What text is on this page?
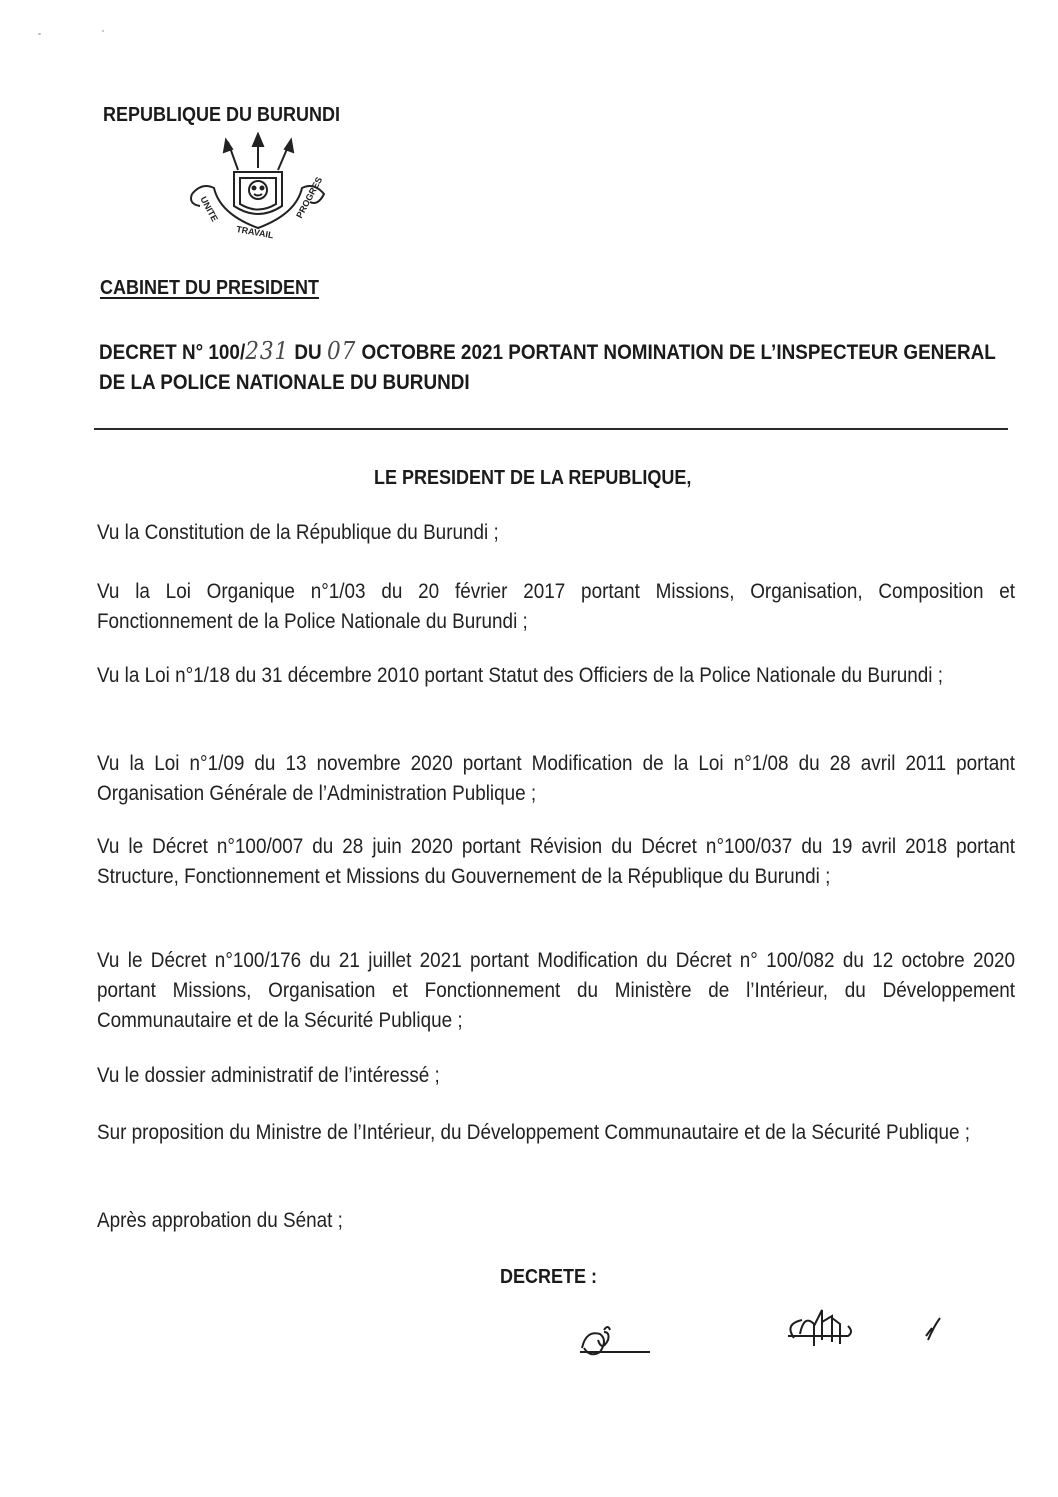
REPUBLIQUE DU BURUNDI
UNITE
TRAVAIL
PROGRES
CABINET DU PRESIDENT
DECRET N° 100/231 DU 07 OCTOBRE 2021 PORTANT NOMINATION DE L’INSPECTEUR GENERAL DE LA POLICE NATIONALE DU BURUNDI
LE PRESIDENT DE LA REPUBLIQUE,
Vu la Constitution de la République du Burundi ;
Vu la Loi Organique n°1/03 du 20 février 2017 portant Missions, Organisation, Composition et Fonctionnement de la Police Nationale du Burundi ;
Vu la Loi n°1/18 du 31 décembre 2010 portant Statut des Officiers de la Police Nationale du Burundi ;
Vu la Loi n°1/09 du 13 novembre 2020 portant Modification de la Loi n°1/08 du 28 avril 2011 portant Organisation Générale de l’Administration Publique ;
Vu le Décret n°100/007 du 28 juin 2020 portant Révision du Décret n°100/037 du 19 avril 2018 portant Structure, Fonctionnement et Missions du Gouvernement de la République du Burundi ;
Vu le Décret n°100/176 du 21 juillet 2021 portant Modification du Décret n° 100/082 du 12 octobre 2020 portant Missions, Organisation et Fonctionnement du Ministère de l’Intérieur, du Développement Communautaire et de la Sécurité Publique ;
Vu le dossier administratif de l’intéressé ;
Sur proposition du Ministre de l’Intérieur, du Développement Communautaire et de la Sécurité Publique ;
Après approbation du Sénat ;
DECRETE :
